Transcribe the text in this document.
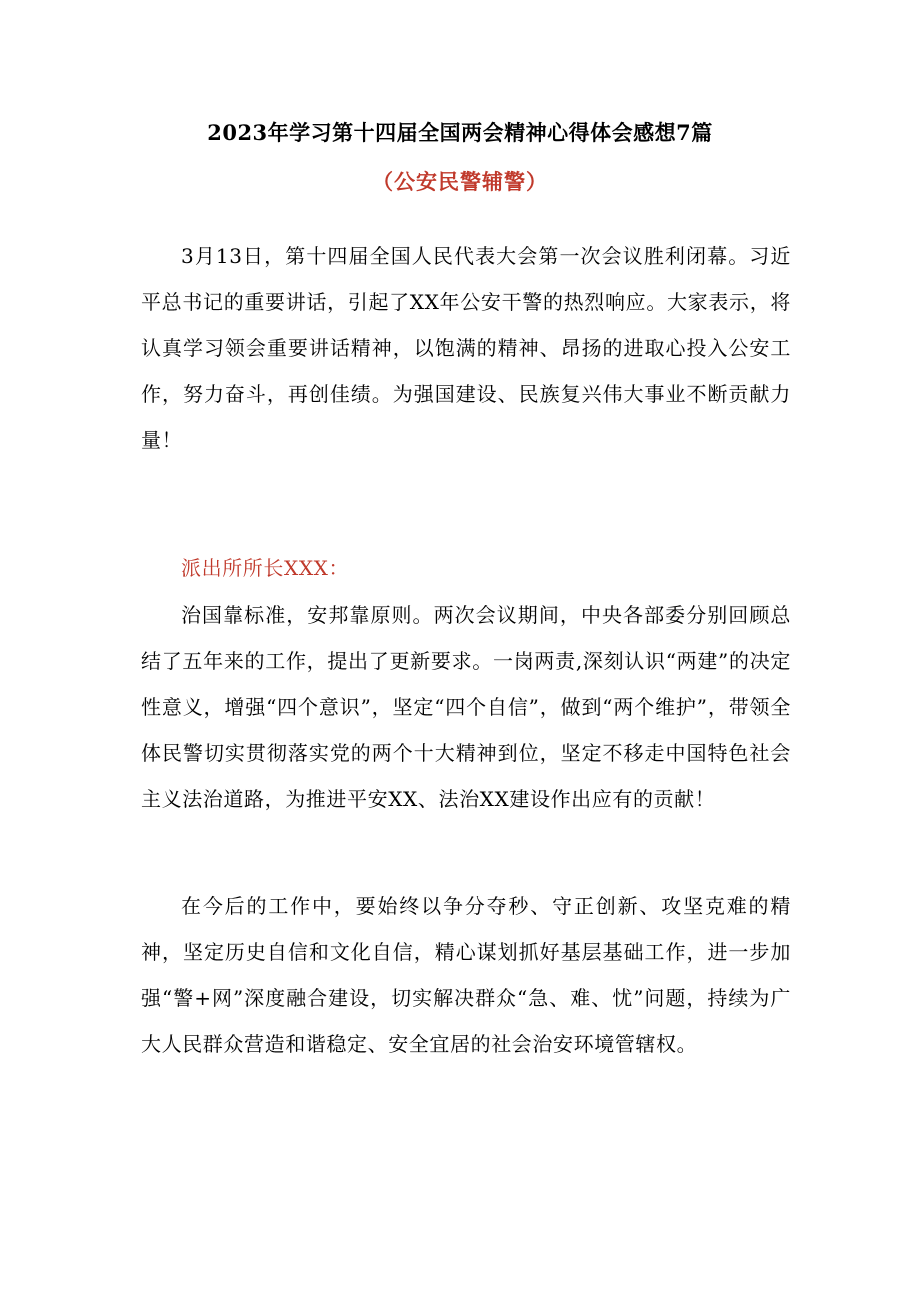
2023年学习第十四届全国两会精神心得体会感想7篇
（公安民警辅警）

3月13日，第十四届全国人民代表大会第一次会议胜利闭幕。习近平总书记的重要讲话，引起了XX年公安干警的热烈响应。大家表示，将认真学习领会重要讲话精神，以饱满的精神、昂扬的进取心投入公安工作，努力奋斗，再创佳绩。为强国建设、民族复兴伟大事业不断贡献力量！

派出所所长XXX：

治国靠标准，安邦靠原则。两次会议期间，中央各部委分别回顾总结了五年来的工作，提出了更新要求。一岗两责,深刻认识“两建”的决定性意义，增强“四个意识”，坚定“四个自信”，做到“两个维护”，带领全体民警切实贯彻落实党的两个十大精神到位，坚定不移走中国特色社会主义法治道路，为推进平安XX、法治XX建设作出应有的贡献！

在今后的工作中，要始终以争分夺秒、守正创新、攻坚克难的精神，坚定历史自信和文化自信，精心谋划抓好基层基础工作，进一步加强“警+网”深度融合建设，切实解决群众“急、难、忧”问题，持续为广大人民群众营造和谐稳定、安全宜居的社会治安环境管辖权。
